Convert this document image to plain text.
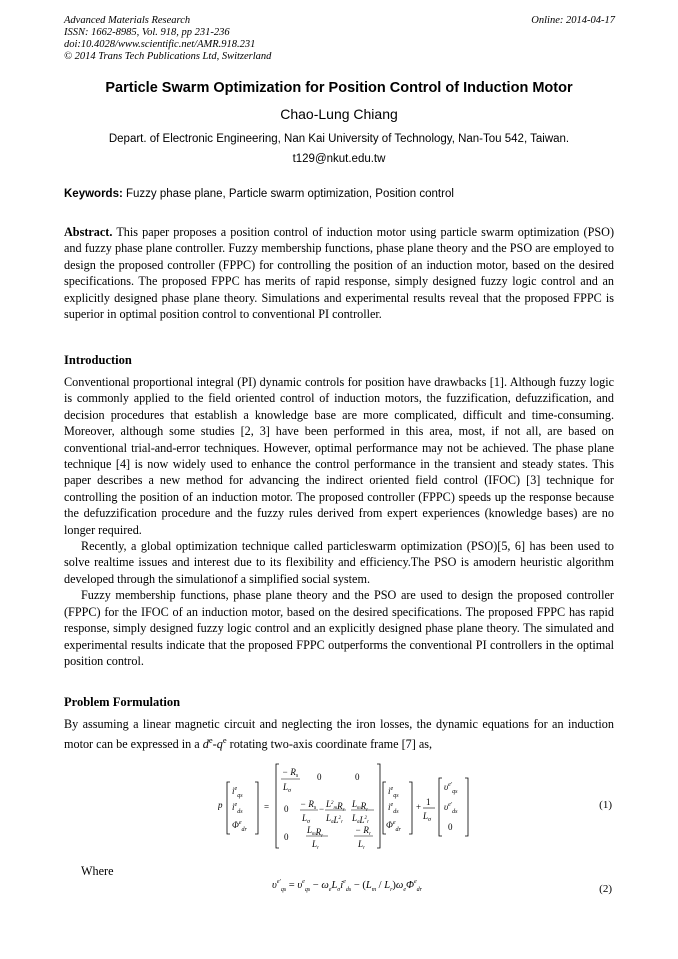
Advanced Materials Research
ISSN: 1662-8985, Vol. 918, pp 231-236
doi:10.4028/www.scientific.net/AMR.918.231
© 2014 Trans Tech Publications Ltd, Switzerland
Online: 2014-04-17
Particle Swarm Optimization for Position Control of Induction Motor
Chao-Lung Chiang
Depart. of Electronic Engineering, Nan Kai University of Technology, Nan-Tou 542, Taiwan.
t129@nkut.edu.tw
Keywords: Fuzzy phase plane, Particle swarm optimization, Position control
Abstract. This paper proposes a position control of induction motor using particle swarm optimization (PSO) and fuzzy phase plane controller. Fuzzy membership functions, phase plane theory and the PSO are employed to design the proposed controller (FPPC) for controlling the position of an induction motor, based on the desired specifications. The proposed FPPC has merits of rapid response, simply designed fuzzy logic control and an explicitly designed phase plane theory. Simulations and experimental results reveal that the proposed FPPC is superior in optimal position control to conventional PI controller.
Introduction

Conventional proportional integral (PI) dynamic controls for position have drawbacks [1]. Although fuzzy logic is commonly applied to the field oriented control of induction motors, the fuzzification, defuzzification, and decision procedures that establish a knowledge base are more complicated, difficult and time-consuming. Moreover, although some studies [2, 3] have been performed in this area, most, if not all, are based on conventional trial-and-error techniques. However, optimal performance may not be achieved. The phase plane technique [4] is now widely used to enhance the control performance in the transient and steady states. This paper describes a new method for advancing the indirect oriented field control (IFOC) [3] technique for controlling the position of an induction motor. The proposed controller (FPPC) speeds up the response because the defuzzification procedure and the fuzzy rules derived from expert experiences (knowledge bases) are no longer required.

Recently, a global optimization technique called particleswarm optimization (PSO)[5, 6] has been used to solve realtime issues and interest due to its flexibility and efficiency.The PSO is amodern heuristic algorithm developed through the simulationof a simplified social system.

Fuzzy membership functions, phase plane theory and the PSO are used to design the proposed controller (FPPC) for the IFOC of an induction motor, based on the desired specifications. The proposed FPPC has rapid response, simply designed fuzzy logic control and an explicitly designed phase plane theory. The simulated and experimental results indicate that the proposed FPPC outperforms the conventional PI controllers in the optimal position control.

Problem Formulation
By assuming a linear magnetic circuit and neglecting the iron losses, the dynamic equations for an induction motor can be expressed in a $d^e-q^e$ rotating two-axis coordinate frame [7] as,
p
$i^e_{qs}$
$i^e_{ds}$
$\Phi^e_{dr}$
=
− $R_s$
$L_\sigma$
0	0
$0 - R_s$
$L_\sigma$
− $L^2_mR_r$
$L_\sigma L^2_r$
$L_mR_r$
$L_\sigma L^2_r$
0
$L_mR_r$
$L_r$
− $R_r$
$L_r$
$i^e_{qs}$
$i^e_{ds}$
$\Phi^e_{dr}$
+ 1
$L_\sigma$
$\upsilon^{e'}_{qs}$
$\upsilon^{e'}_{ds}$
0
(1)
Where
$\upsilon^{e'}_{qs} = \upsilon^e_{qs} - \omega_eL_\sigma i^e_{ds} - (L_m / L_r)\omega_e\Phi^e_{dr}$	(2)
